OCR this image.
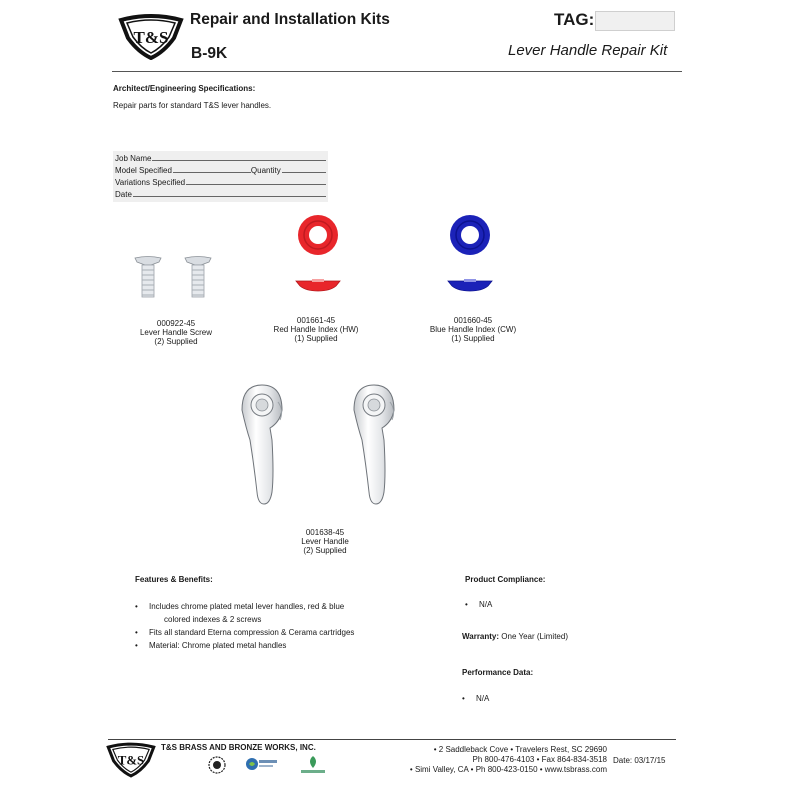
T&S
Repair and Installation Kits
B-9K
TAG:
Lever Handle Repair Kit
Architect/Engineering Specifications:
Repair parts for standard T&S lever handles.
Job Name
Model Specified	Quantity
Variations Specified
Date
000922-45
Lever Handle Screw
(2) Supplied
001661-45
Red Handle Index (HW)
(1) Supplied
001660-45
Blue Handle Index (CW)
(1) Supplied
001638-45
Lever Handle
(2) Supplied
Features & Benefits:
• Includes chrome plated metal lever handles, red & blue
colored indexes & 2 screws
• Fits all standard Eterna compression & Cerama cartridges
• Material: Chrome plated metal handles
Product Compliance:
• N/A
Warranty: One Year (Limited)
Performance Data:
• N/A
T&S
T&S BRASS AND BRONZE WORKS, INC.	• 2 Saddleback Cove • Travelers Rest, SC 29690
Ph 800-476-4103 • Fax 864-834-3518
• Simi Valley, CA • Ph 800-423-0150 • www.tsbrass.com
Date: 03/17/15
